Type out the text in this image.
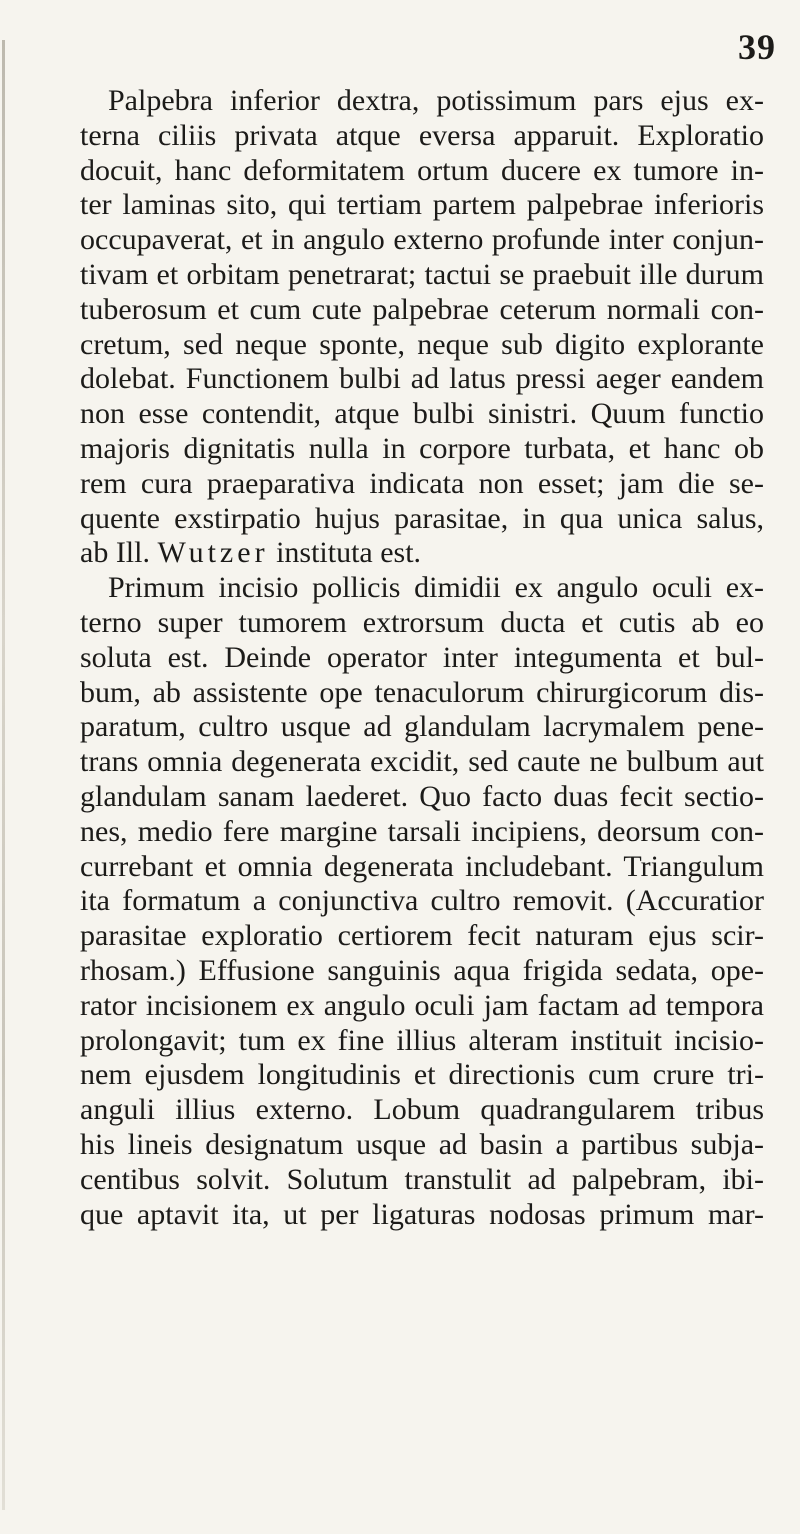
39
Palpebra inferior dextra, potissimum pars ejus ex-
terna ciliis privata atque eversa apparuit. Exploratio
docuit, hanc deformitatem ortum ducere ex tumore in-
ter laminas sito, qui tertiam partem palpebrae inferioris
occupaverat, et in angulo externo profunde inter conjun-
tivam et orbitam penetrarat; tactui se praebuit ille durum
tuberosum et cum cute palpebrae ceterum normali con-
cretum, sed neque sponte, neque sub digito explorante
dolebat. Functionem bulbi ad latus pressi aeger eandem
non esse contendit, atque bulbi sinistri. Quum functio
majoris dignitatis nulla in corpore turbata, et hanc ob
rem cura praeparativa indicata non esset; jam die se-
quente exstirpatio hujus parasitae, in qua unica salus,
ab Ill. Wutzer instituta est.
Primum incisio pollicis dimidii ex angulo oculi ex-
terno super tumorem extrorsum ducta et cutis ab eo
soluta est. Deinde operator inter integumenta et bul-
bum, ab assistente ope tenaculorum chirurgicorum dis-
paratum, cultro usque ad glandulam lacrymalem pene-
trans omnia degenerata excidit, sed caute ne bulbum aut
glandulam sanam laederet. Quo facto duas fecit sectio-
nes, medio fere margine tarsali incipiens, deorsum con-
currebant et omnia degenerata includebant. Triangulum
ita formatum a conjunctiva cultro removit. (Accuratior
parasitae exploratio certiorem fecit naturam ejus scir-
rhosam.) Effusione sanguinis aqua frigida sedata, ope-
rator incisionem ex angulo oculi jam factam ad tempora
prolongavit; tum ex fine illius alteram instituit incisio-
nem ejusdem longitudinis et directionis cum crure tri-
anguli illius externo. Lobum quadrangularem tribus
his lineis designatum usque ad basin a partibus subja-
centibus solvit. Solutum transtulit ad palpebram, ibi-
que aptavit ita, ut per ligaturas nodosas primum mar-
